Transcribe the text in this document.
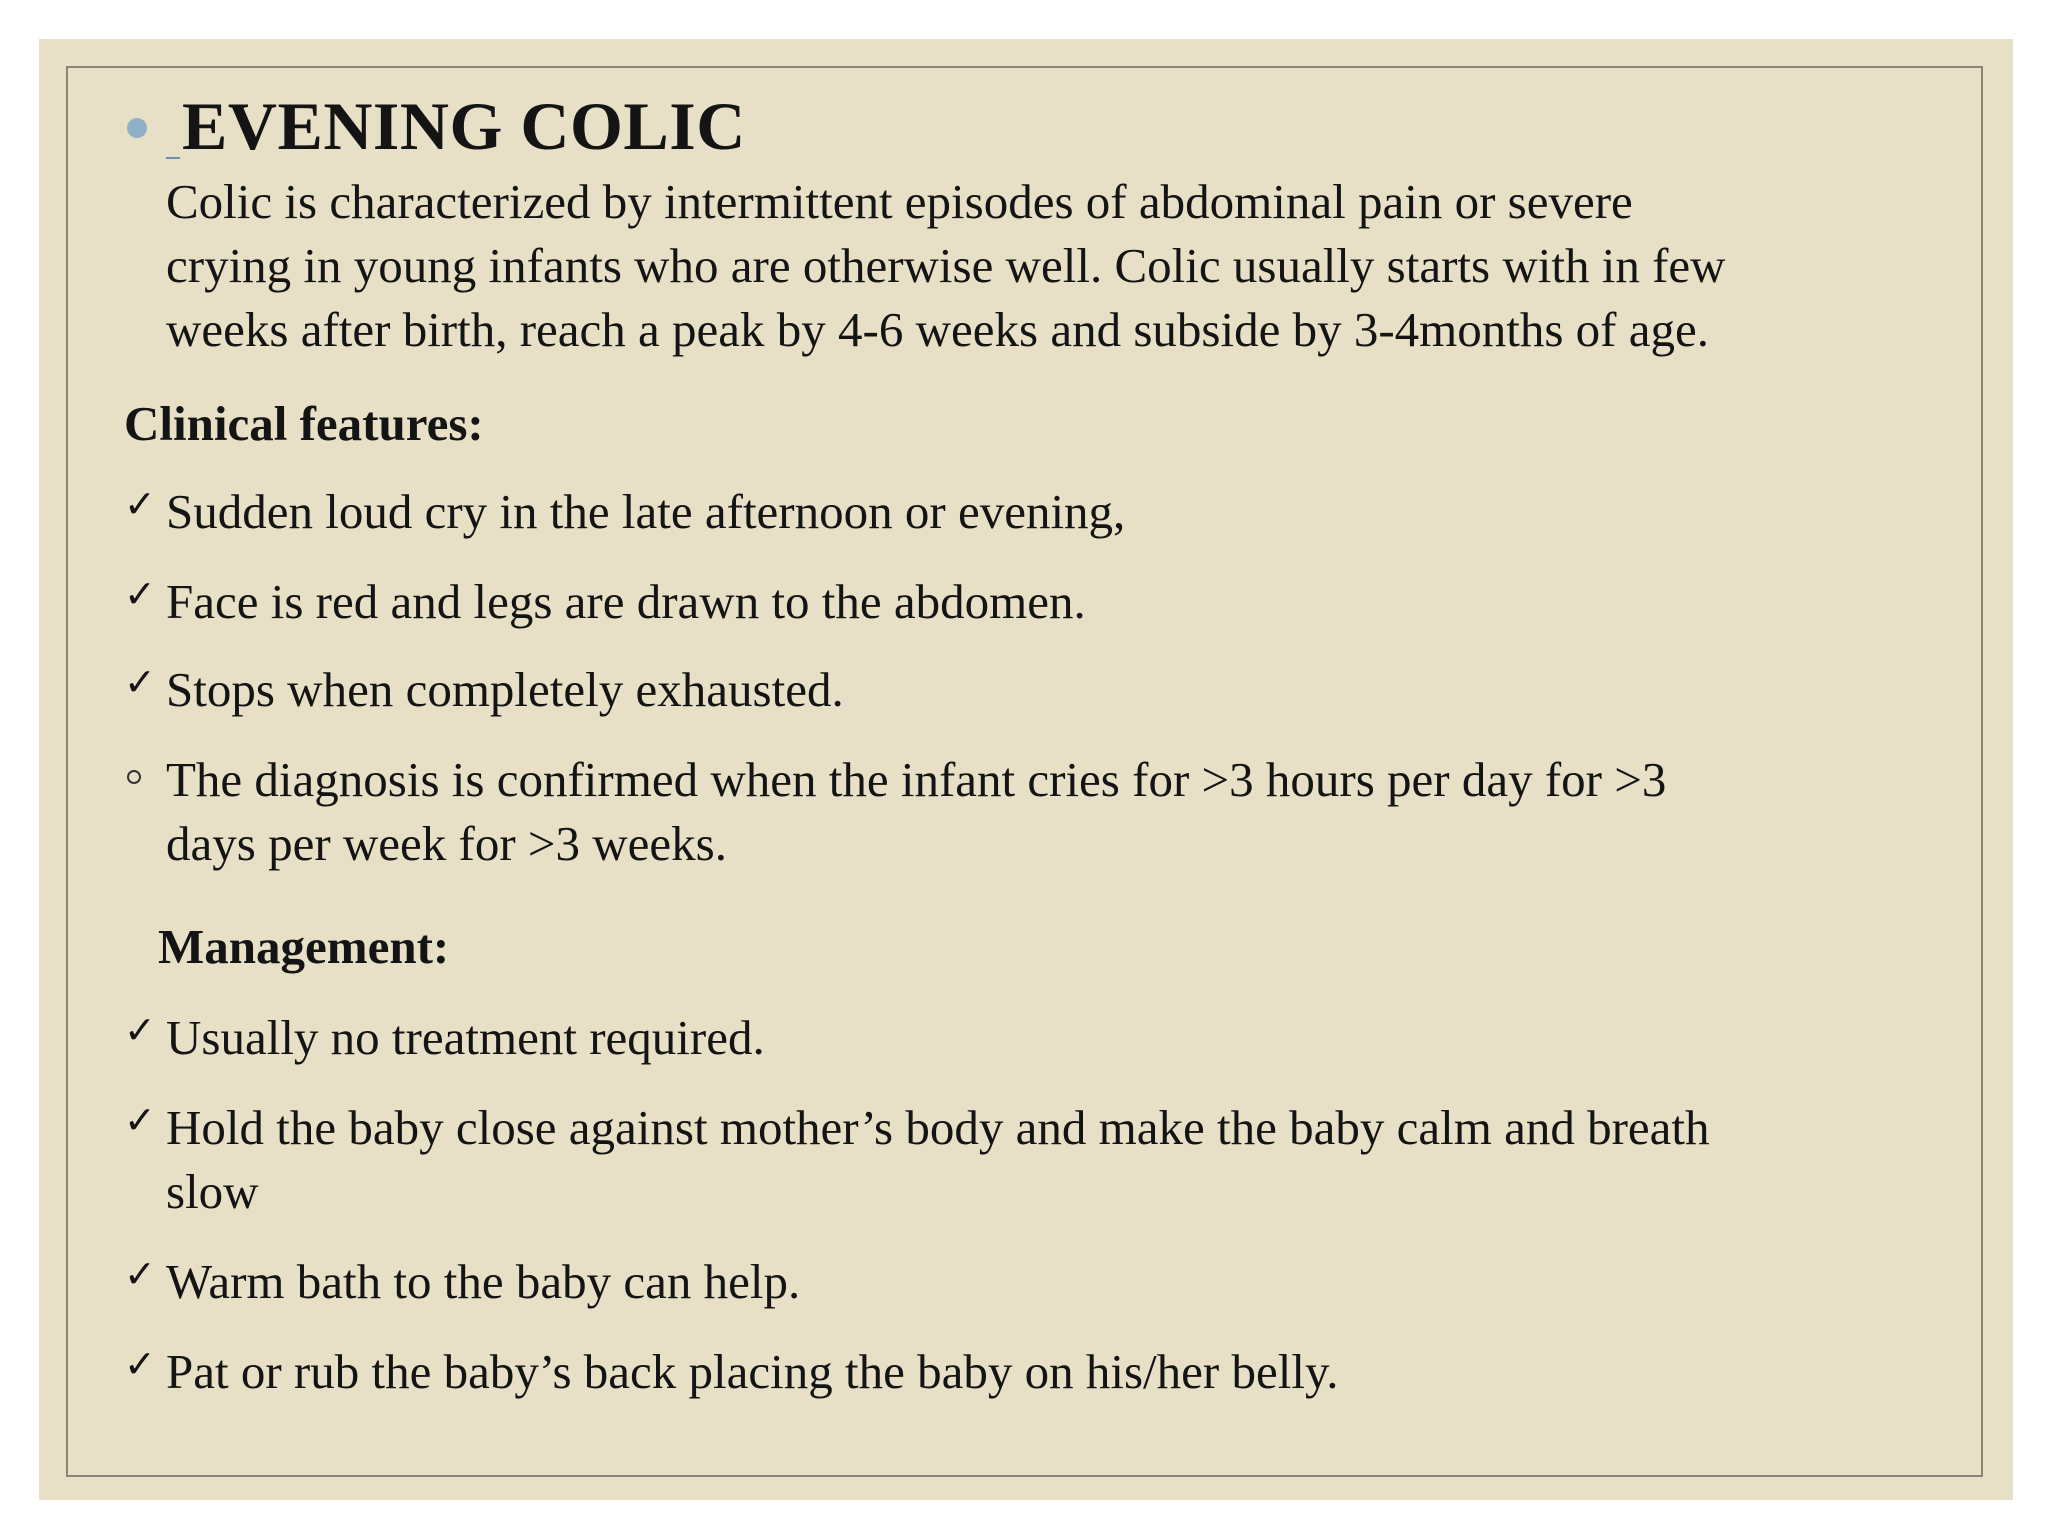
EVENING COLIC
Colic is characterized by intermittent episodes of abdominal pain or severe
crying in young infants who are otherwise well. Colic usually starts with in few
weeks after birth, reach a peak by 4-6 weeks and subside by 3-4months of age.
Clinical features:
✓ Sudden loud cry in the late afternoon or evening,
✓ Face is red and legs are drawn to the abdomen.
✓ Stops when completely exhausted.
The diagnosis is confirmed when the infant cries for >3 hours per day for >3
days per week for >3 weeks.
Management:
✓ Usually no treatment required.
✓ Hold the baby close against mother’s body and make the baby calm and breath
slow
✓ Warm bath to the baby can help.
✓ Pat or rub the baby’s back placing the baby on his/her belly.
